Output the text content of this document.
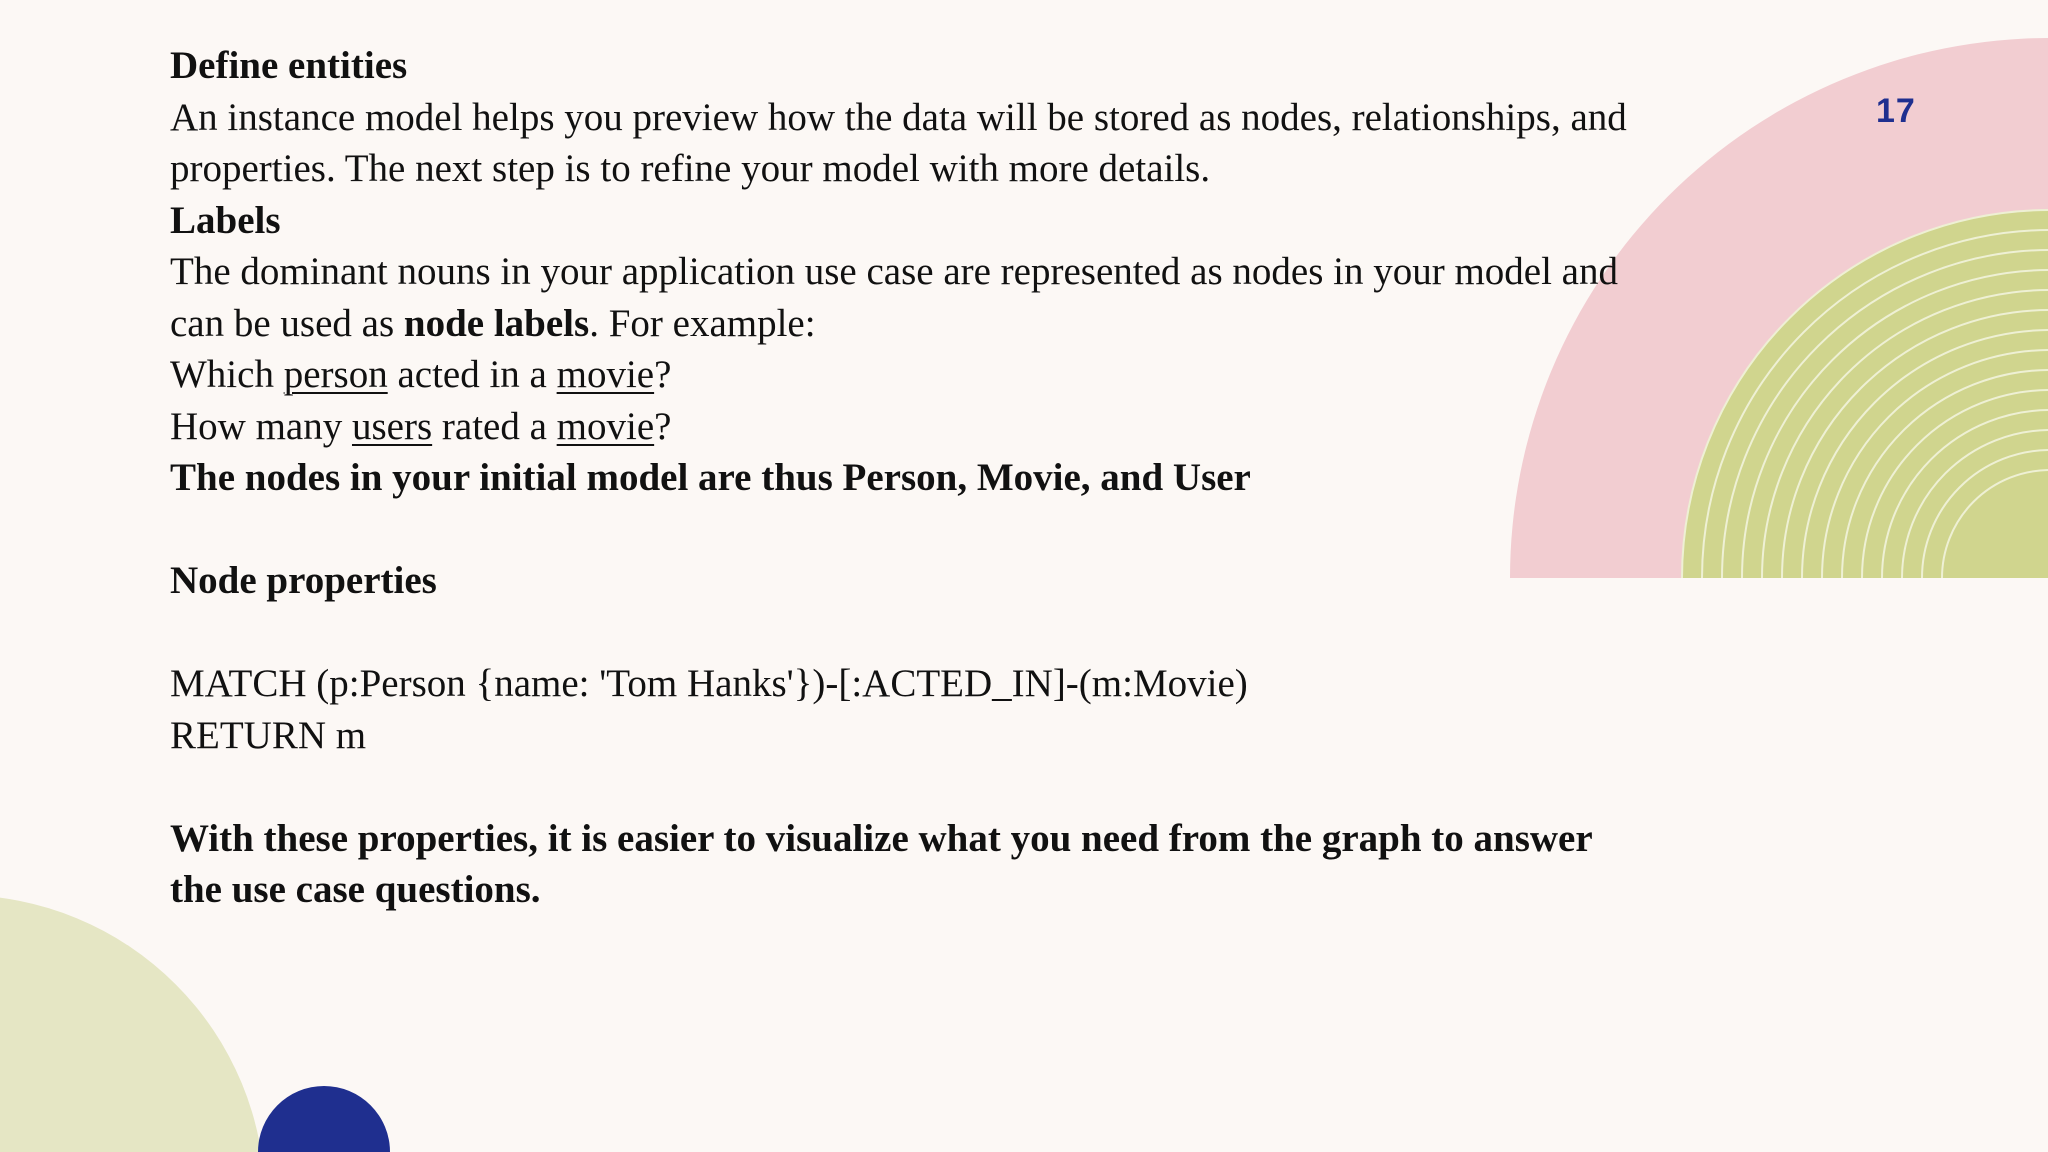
17
Define entities
An instance model helps you preview how the data will be stored as nodes, relationships, and
properties. The next step is to refine your model with more details.
Labels
The dominant nouns in your application use case are represented as nodes in your model and
can be used as node labels. For example:
Which person acted in a movie?
How many users rated a movie?
The nodes in your initial model are thus Person, Movie, and User
Node properties
MATCH (p:Person {name: 'Tom Hanks'})-[:ACTED_IN]-(m:Movie)
RETURN m
With these properties, it is easier to visualize what you need from the graph to answer
the use case questions.
